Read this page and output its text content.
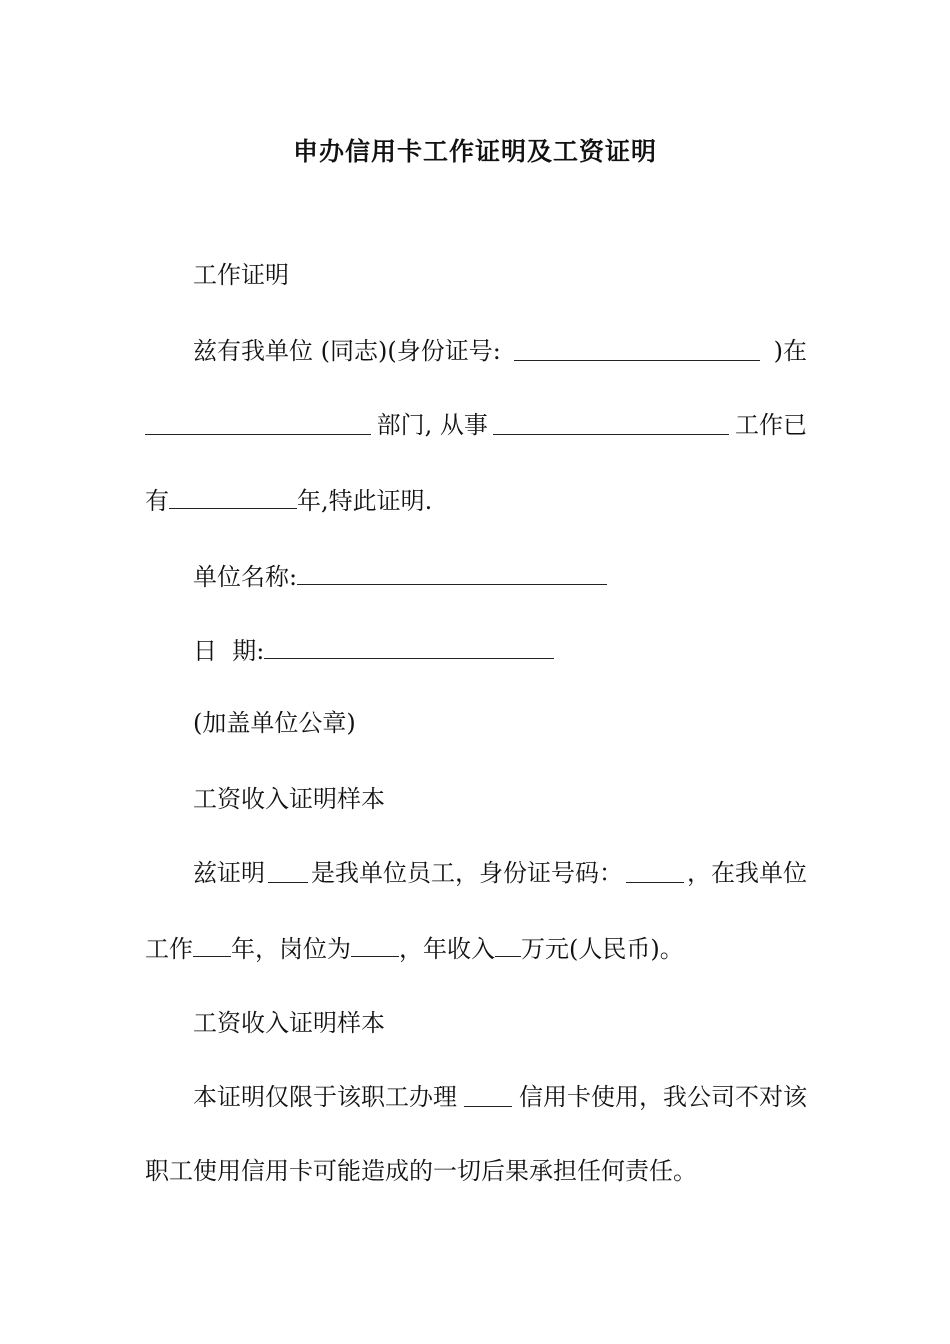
申办信用卡工作证明及工资证明
工作证明
兹有我单位 (同志)(身份证号:	)在
部门, 从事	工作已
有	年,特此证明.
单位名称:
日  期:
(加盖单位公章)
工资收入证明样本
兹证明 是我单位员工，身份证号码：	，在我单位
工作 年，岗位为 ，年收入 万元(人民币)。
工资收入证明样本
本证明仅限于该职工办理	信用卡使用，我公司不对该
职工使用信用卡可能造成的一切后果承担任何责任。
